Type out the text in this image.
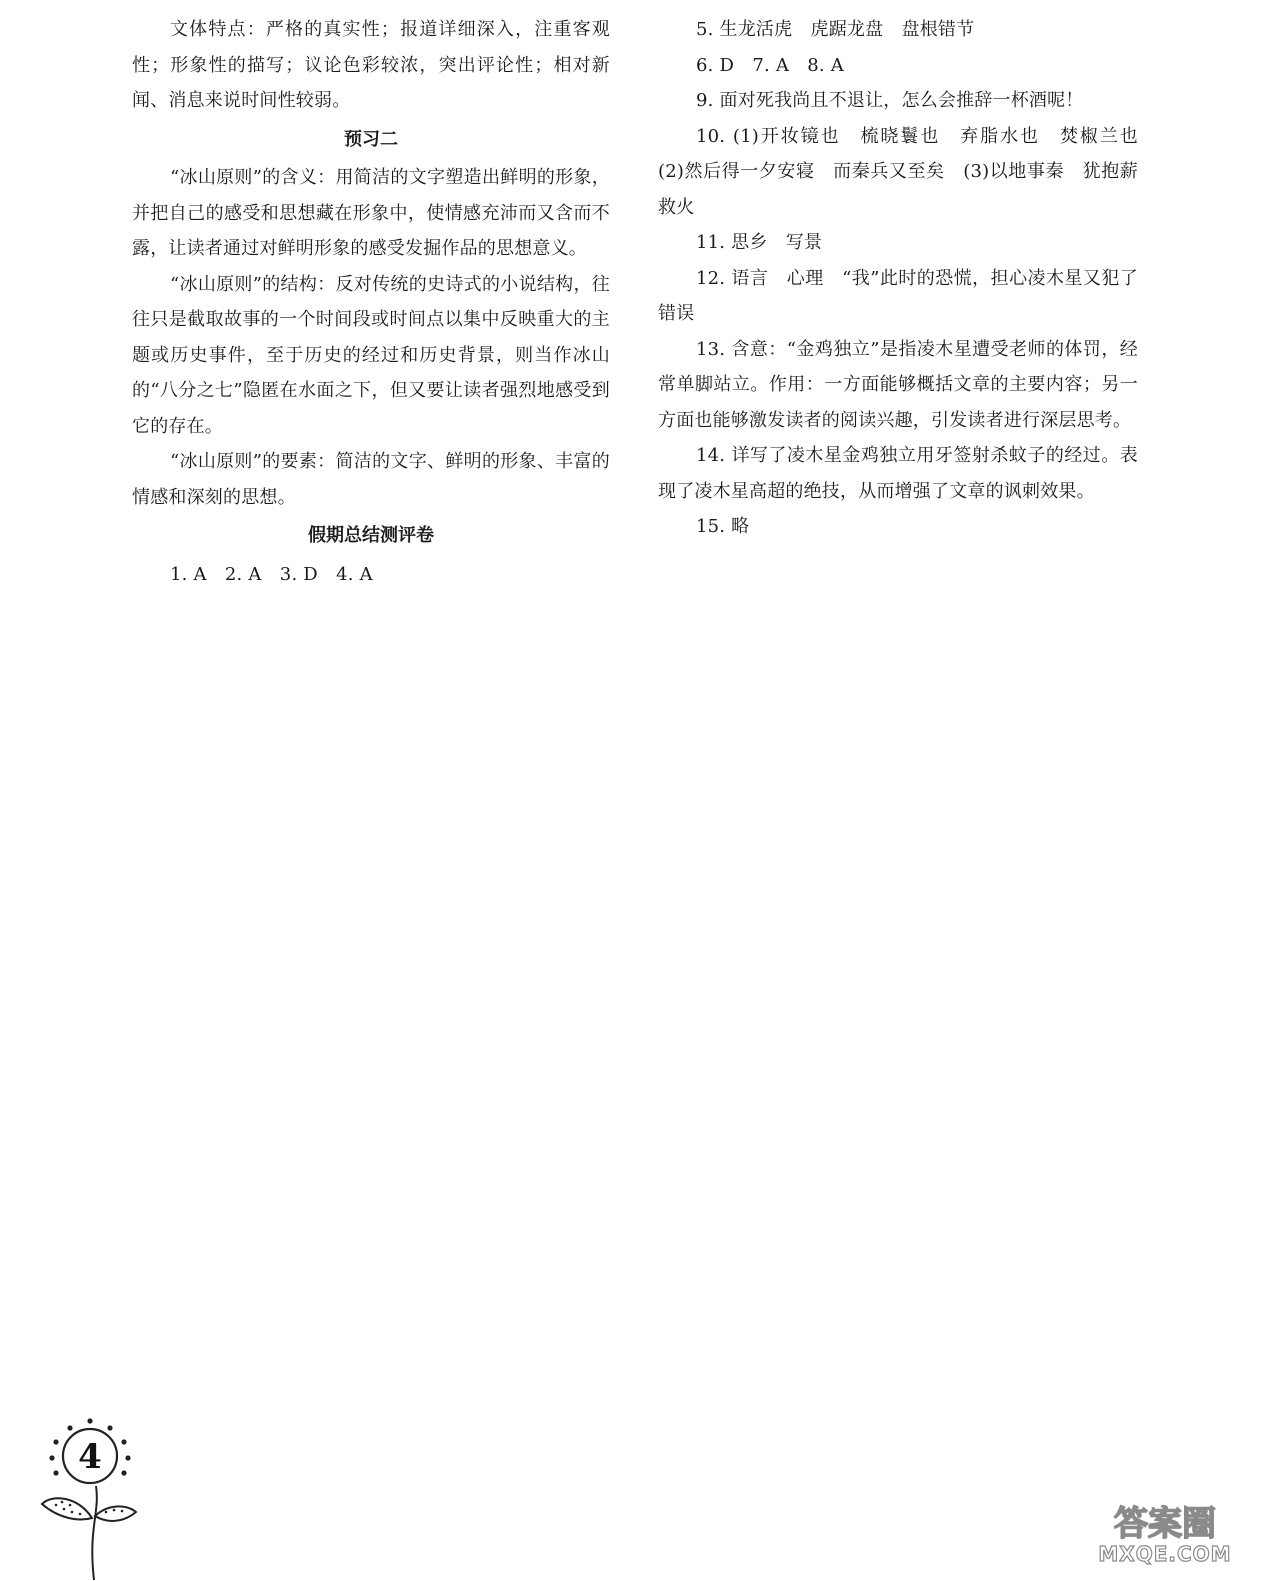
文体特点：严格的真实性；报道详细深入，注重客观性；形象性的描写；议论色彩较浓，突出评论性；相对新闻、消息来说时间性较弱。

预习二

“冰山原则”的含义：用简洁的文字塑造出鲜明的形象，并把自己的感受和思想藏在形象中，使情感充沛而又含而不露，让读者通过对鲜明形象的感受发掘作品的思想意义。

“冰山原则”的结构：反对传统的史诗式的小说结构，往往只是截取故事的一个时间段或时间点以集中反映重大的主题或历史事件，至于历史的经过和历史背景，则当作冰山的“八分之七”隐匿在水面之下，但又要让读者强烈地感受到它的存在。

“冰山原则”的要素：简洁的文字、鲜明的形象、丰富的情感和深刻的思想。

假期总结测评卷

1. A　2. A　3. D　4. A

5. 生龙活虎　虎踞龙盘　盘根错节

6. D　7. A　8. A

9. 面对死我尚且不退让，怎么会推辞一杯酒呢！

10. (1)开妆镜也　梳晓鬟也　弃脂水也　焚椒兰也　(2)然后得一夕安寝　而秦兵又至矣　(3)以地事秦　犹抱薪救火

11. 思乡　写景

12. 语言　心理　“我”此时的恐慌，担心凌木星又犯了错误

13. 含意：“金鸡独立”是指凌木星遭受老师的体罚，经常单脚站立。作用：一方面能够概括文章的主要内容；另一方面也能够激发读者的阅读兴趣，引发读者进行深层思考。

14. 详写了凌木星金鸡独立用牙签射杀蚊子的经过。表现了凌木星高超的绝技，从而增强了文章的讽刺效果。

15. 略

4
答案圈
MXQE.COM
